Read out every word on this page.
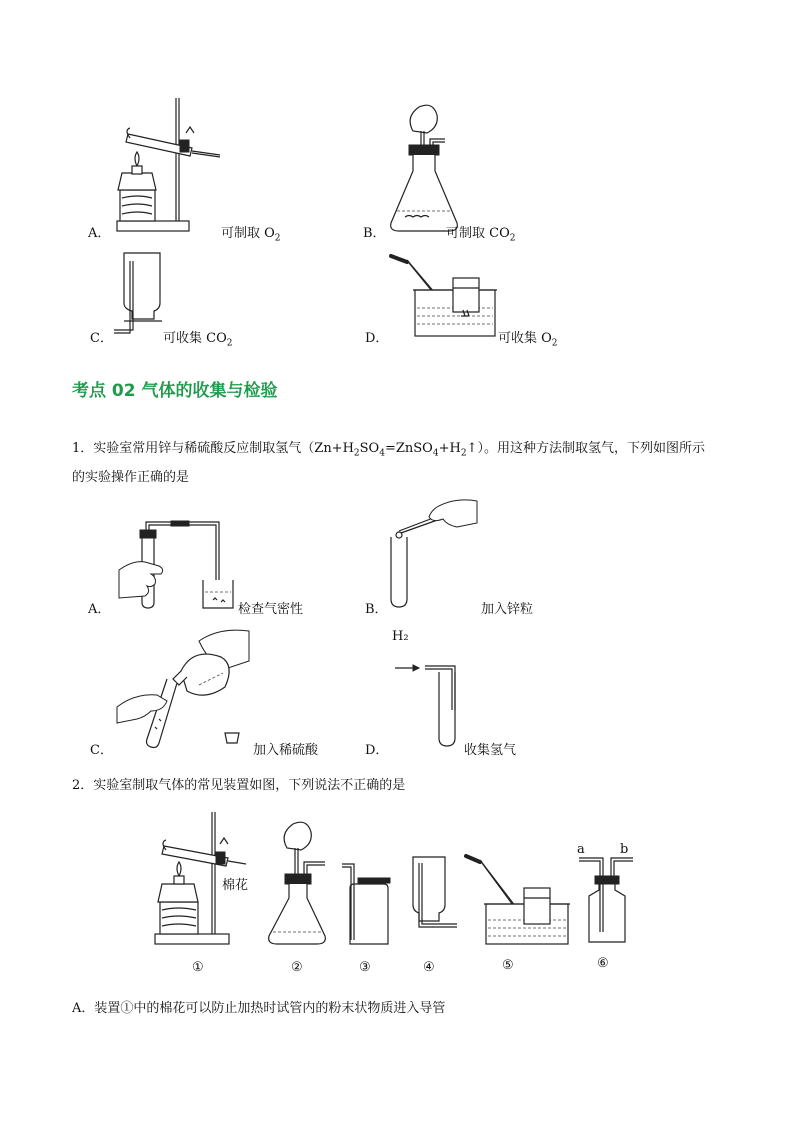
A．	可制取 $O_2$	B．	可制取 $CO_2$
C．	可收集 $CO_2$	D．	可收集 $O_2$
考点 02 气体的收集与检验
1．实验室常用锌与稀硫酸反应制取氢气$(Zn+H_2SO_4=ZnSO_4+H_2↑)$。用这种方法制取氢气，下列如图所示
的实验操作正确的是
A．	检查气密性	B．	加入锌粒
C．	加入稀硫酸
H₂
D．	收集氢气
2．实验室制取气体的常见装置如图，下列说法不正确的是
棉花
①	②	③	④	⑤
a	b
⑥
A．装置①中的棉花可以防止加热时试管内的粉末状物质进入导管
